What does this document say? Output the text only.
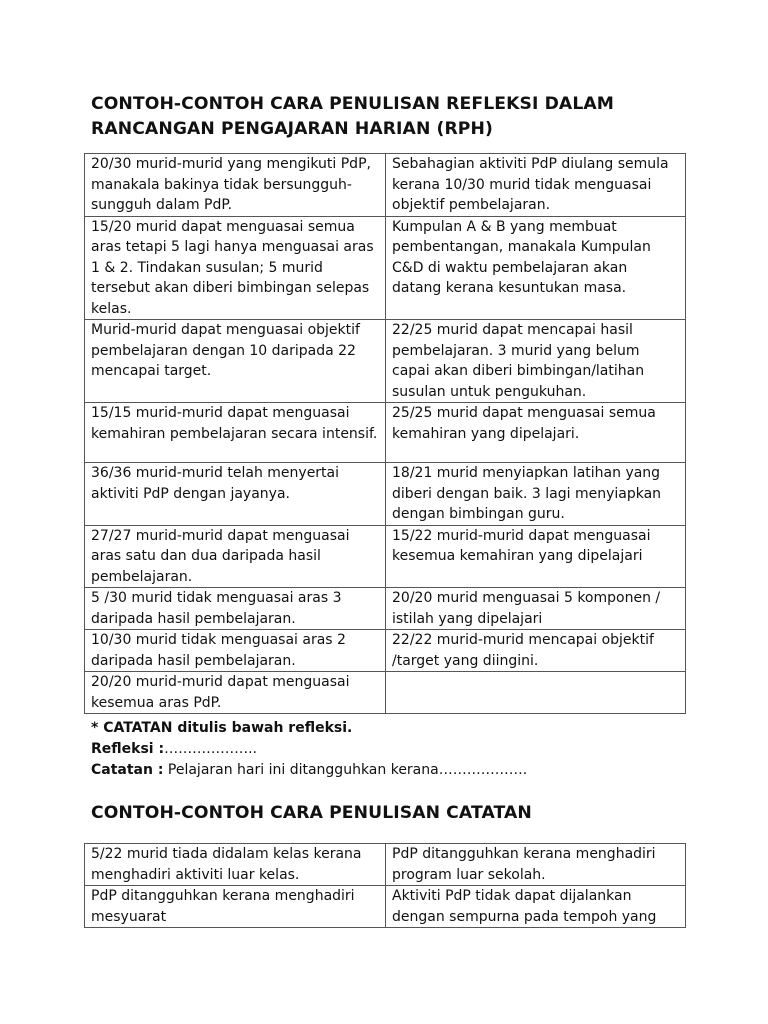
CONTOH-CONTOH CARA PENULISAN REFLEKSI DALAM
RANCANGAN PENGAJARAN HARIAN (RPH)
20/30 murid-murid yang mengikuti PdP, manakala bakinya tidak bersungguh-sungguh dalam PdP.	Sebahagian aktiviti PdP diulang semula kerana 10/30 murid tidak menguasai objektif pembelajaran.
15/20 murid dapat menguasai semua aras tetapi 5 lagi hanya menguasai aras 1 & 2. Tindakan susulan; 5 murid tersebut akan diberi bimbingan selepas kelas.	Kumpulan A & B yang membuat pembentangan, manakala Kumpulan C&D di waktu pembelajaran akan datang kerana kesuntukan masa.
Murid-murid dapat menguasai objektif pembelajaran dengan 10 daripada 22 mencapai target.	22/25 murid dapat mencapai hasil pembelajaran. 3 murid yang belum capai akan diberi bimbingan/latihan susulan untuk pengukuhan.
15/15 murid-murid dapat menguasai kemahiran pembelajaran secara intensif.	25/25 murid dapat menguasai semua kemahiran yang dipelajari.
36/36 murid-murid telah menyertai aktiviti PdP dengan jayanya.	18/21 murid menyiapkan latihan yang diberi dengan baik. 3 lagi menyiapkan dengan bimbingan guru.
27/27 murid-murid dapat menguasai aras satu dan dua daripada hasil pembelajaran.	15/22 murid-murid dapat menguasai kesemua kemahiran yang dipelajari
5 /30 murid tidak menguasai aras 3 daripada hasil pembelajaran.	20/20 murid menguasai 5 komponen / istilah yang dipelajari
10/30 murid tidak menguasai aras 2 daripada hasil pembelajaran.	22/22 murid-murid mencapai objektif /target yang diingini.
20/20 murid-murid dapat menguasai kesemua aras PdP.	
* CATATAN ditulis bawah refleksi.
Refleksi :………………..
Catatan : Pelajaran hari ini ditangguhkan kerana……………….
CONTOH-CONTOH CARA PENULISAN CATATAN
5/22 murid tiada didalam kelas kerana menghadiri aktiviti luar kelas.	PdP ditangguhkan kerana menghadiri program luar sekolah.
PdP ditangguhkan kerana menghadiri mesyuarat	Aktiviti PdP tidak dapat dijalankan dengan sempurna pada tempoh yang
